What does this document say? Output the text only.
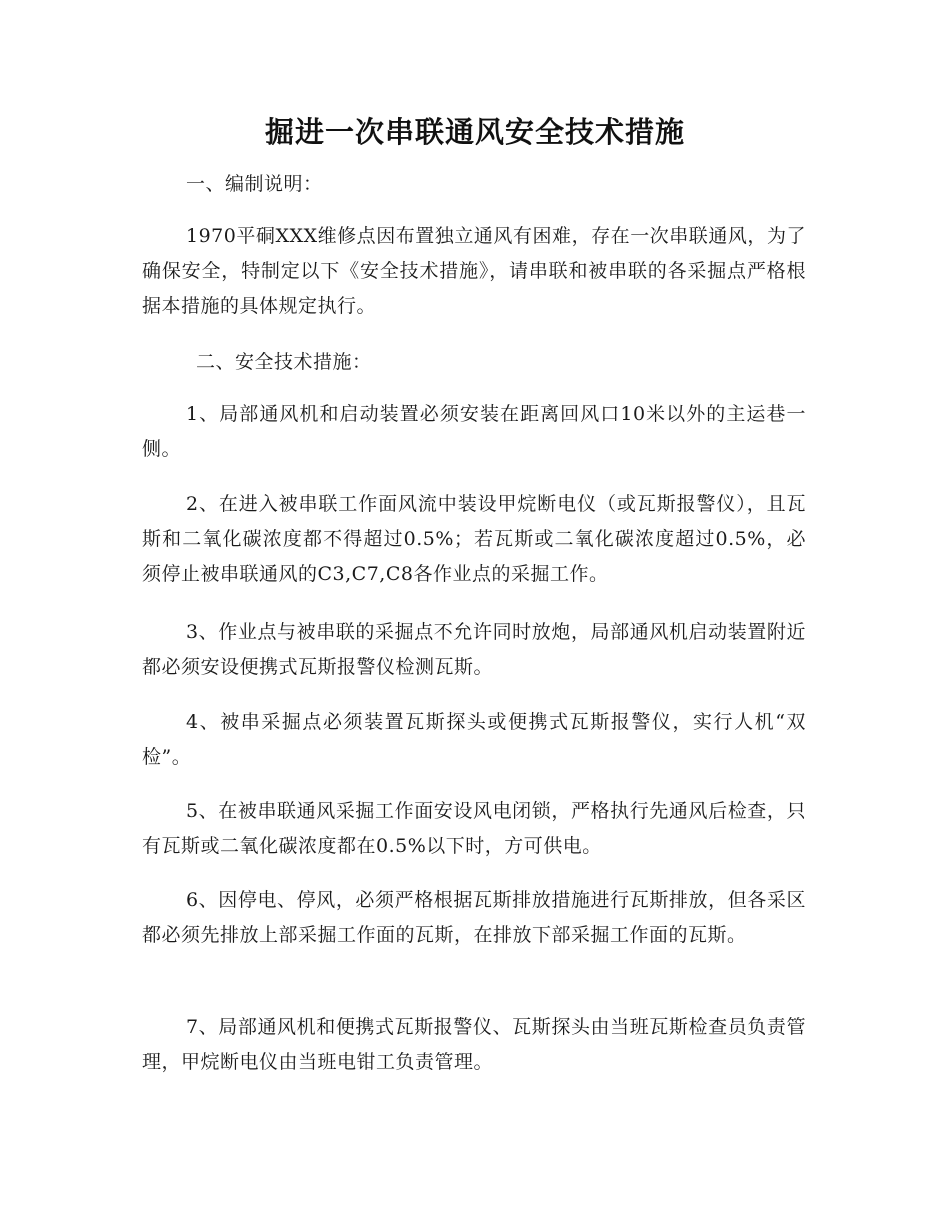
掘进一次串联通风安全技术措施

一、编制说明：

1970平硐XXX维修点因布置独立通风有困难，存在一次串联通风，为了确保安全，特制定以下《安全技术措施》，请串联和被串联的各采掘点严格根据本措施的具体规定执行。

二、安全技术措施：

1、局部通风机和启动装置必须安装在距离回风口10米以外的主运巷一侧。

2、在进入被串联工作面风流中装设甲烷断电仪（或瓦斯报警仪），且瓦斯和二氧化碳浓度都不得超过0.5%；若瓦斯或二氧化碳浓度超过0.5%，必须停止被串联通风的C3,C7,C8各作业点的采掘工作。

3、作业点与被串联的采掘点不允许同时放炮，局部通风机启动装置附近都必须安设便携式瓦斯报警仪检测瓦斯。

4、被串采掘点必须装置瓦斯探头或便携式瓦斯报警仪，实行人机“双检”。

5、在被串联通风采掘工作面安设风电闭锁，严格执行先通风后检查，只有瓦斯或二氧化碳浓度都在0.5%以下时，方可供电。

6、因停电、停风，必须严格根据瓦斯排放措施进行瓦斯排放，但各采区都必须先排放上部采掘工作面的瓦斯，在排放下部采掘工作面的瓦斯。

7、局部通风机和便携式瓦斯报警仪、瓦斯探头由当班瓦斯检查员负责管理，甲烷断电仪由当班电钳工负责管理。
